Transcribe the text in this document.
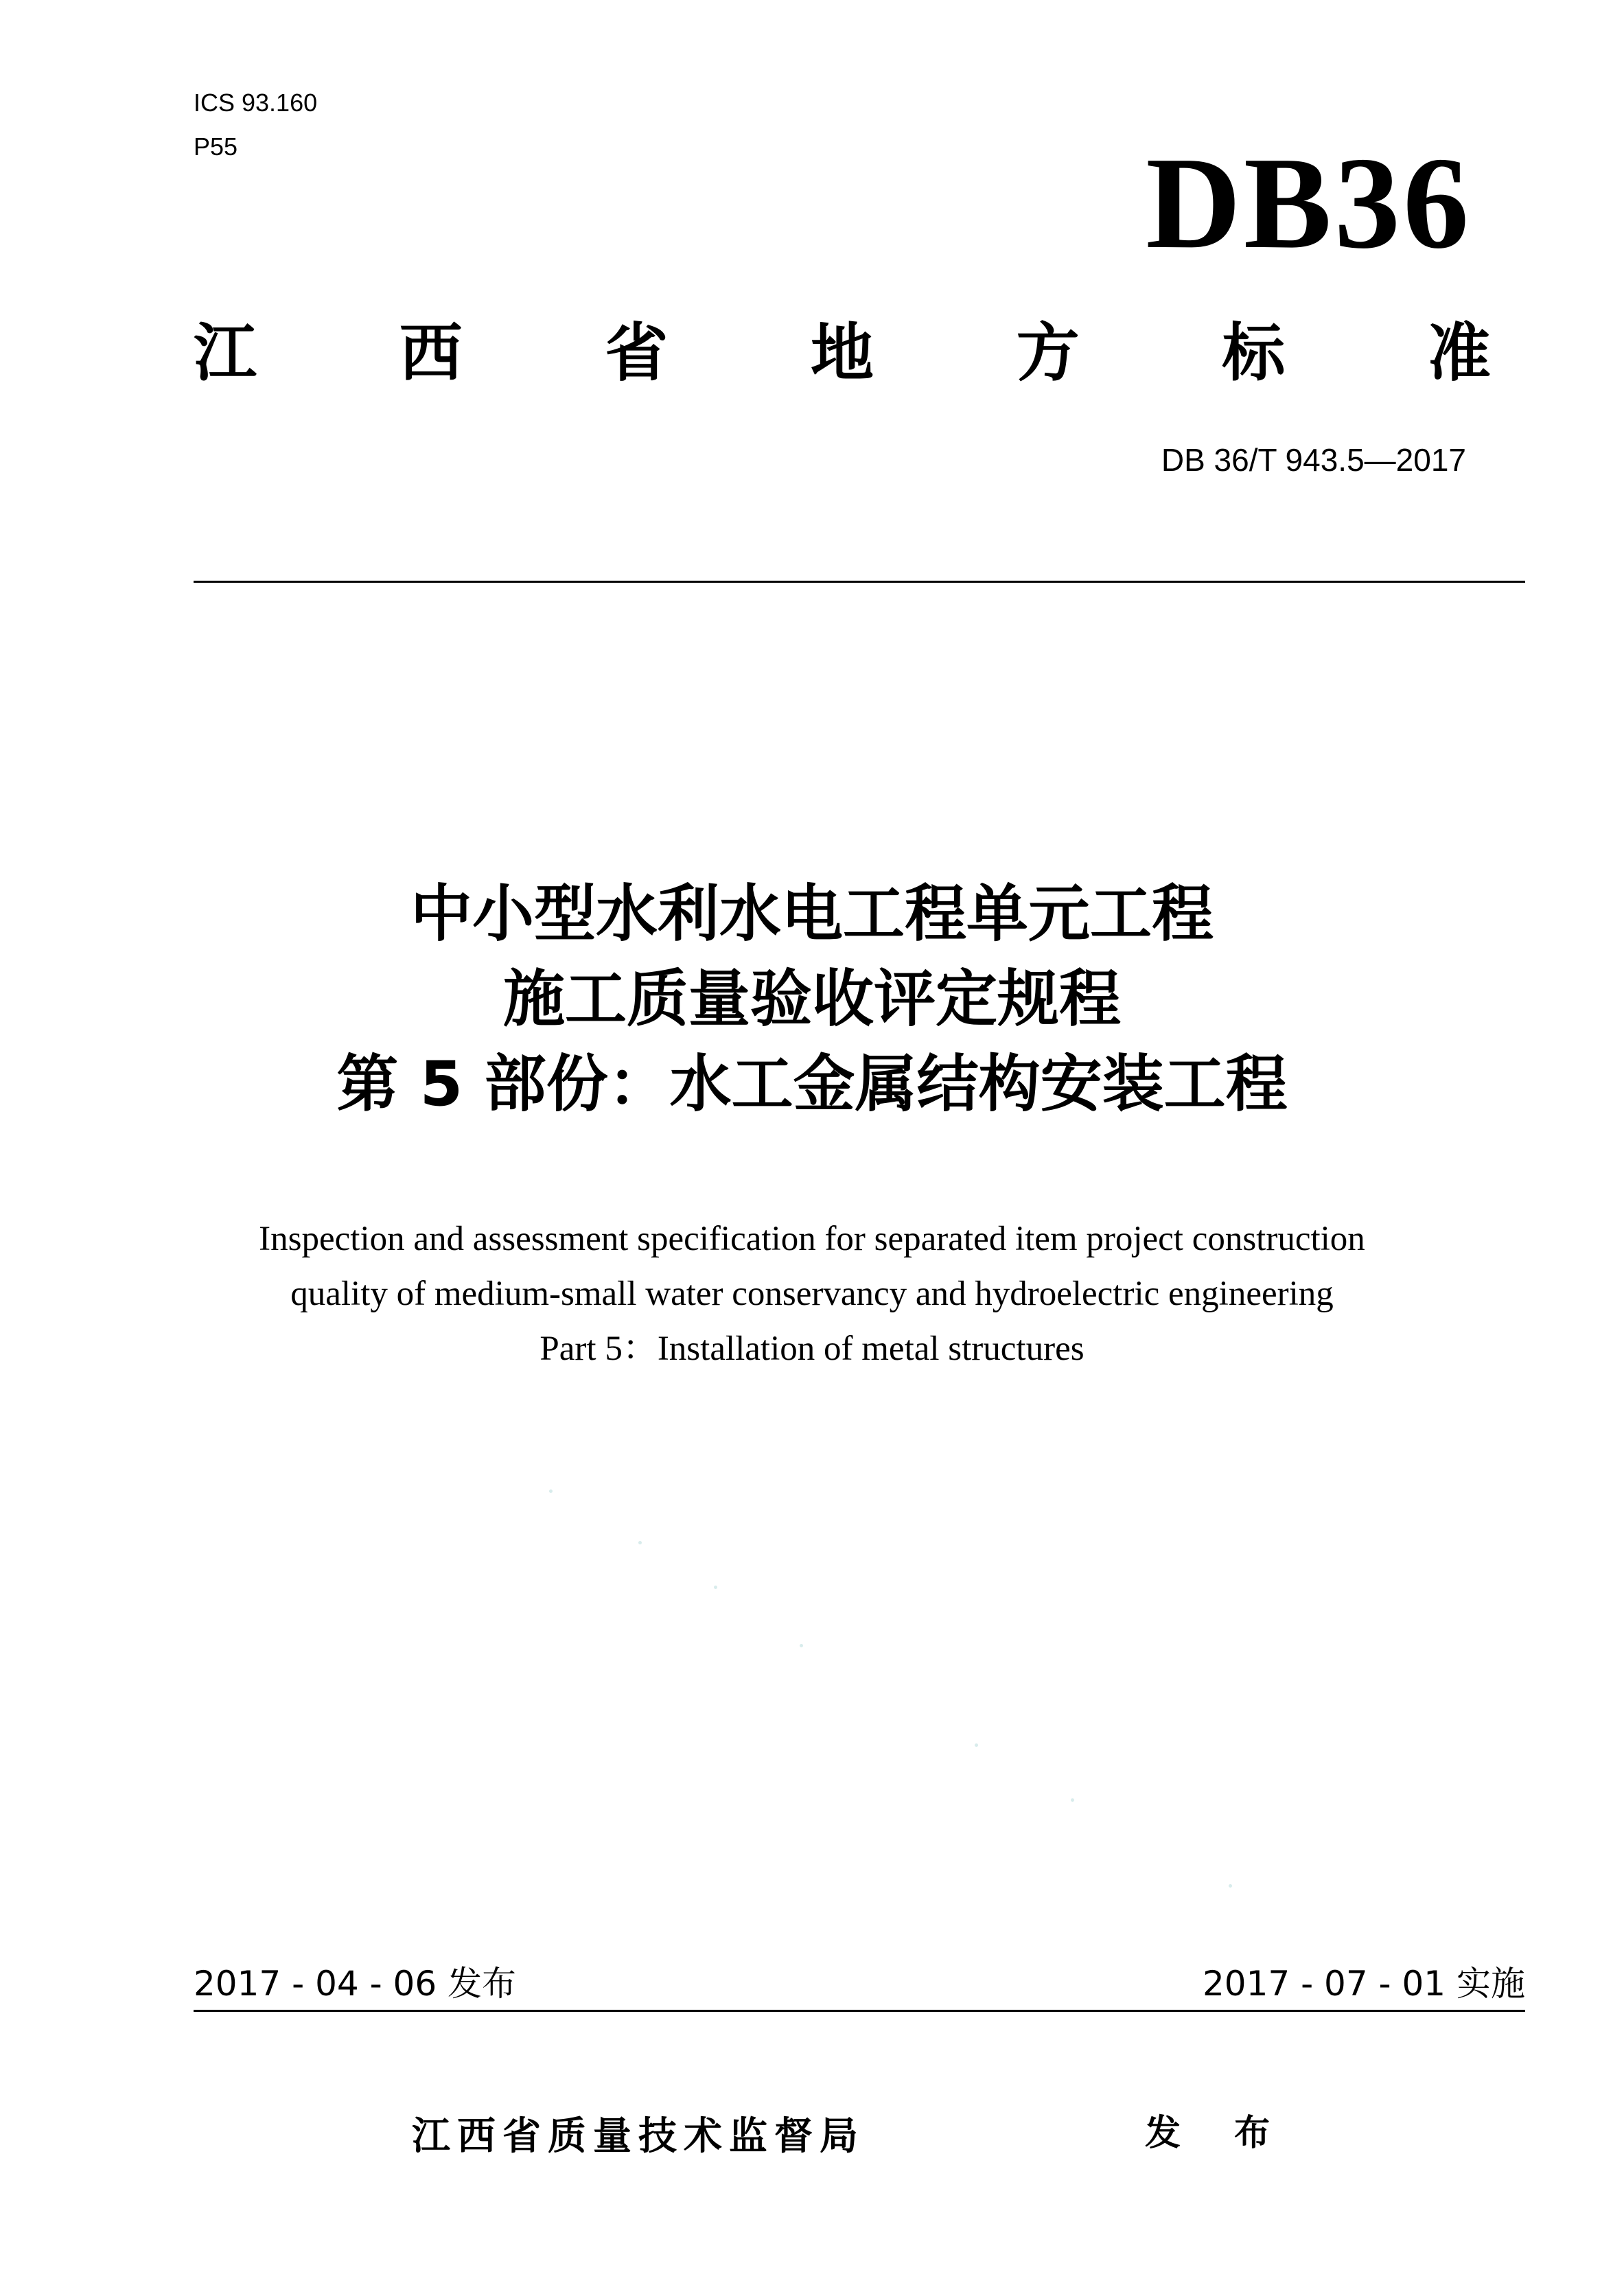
ICS 93.160
P55	DB36
江 西 省 地 方 标 准
DB 36/T 943.5—2017
中小型水利水电工程单元工程
施工质量验收评定规程
第 5 部份：水工金属结构安装工程
Inspection and assessment specification for separated item project construction
quality of medium-small water conservancy and hydroelectric engineering
Part 5：Installation of metal structures
2017 - 04 - 06 发布	2017 - 07 - 01 实施
江西省质量技术监督局	发 布
